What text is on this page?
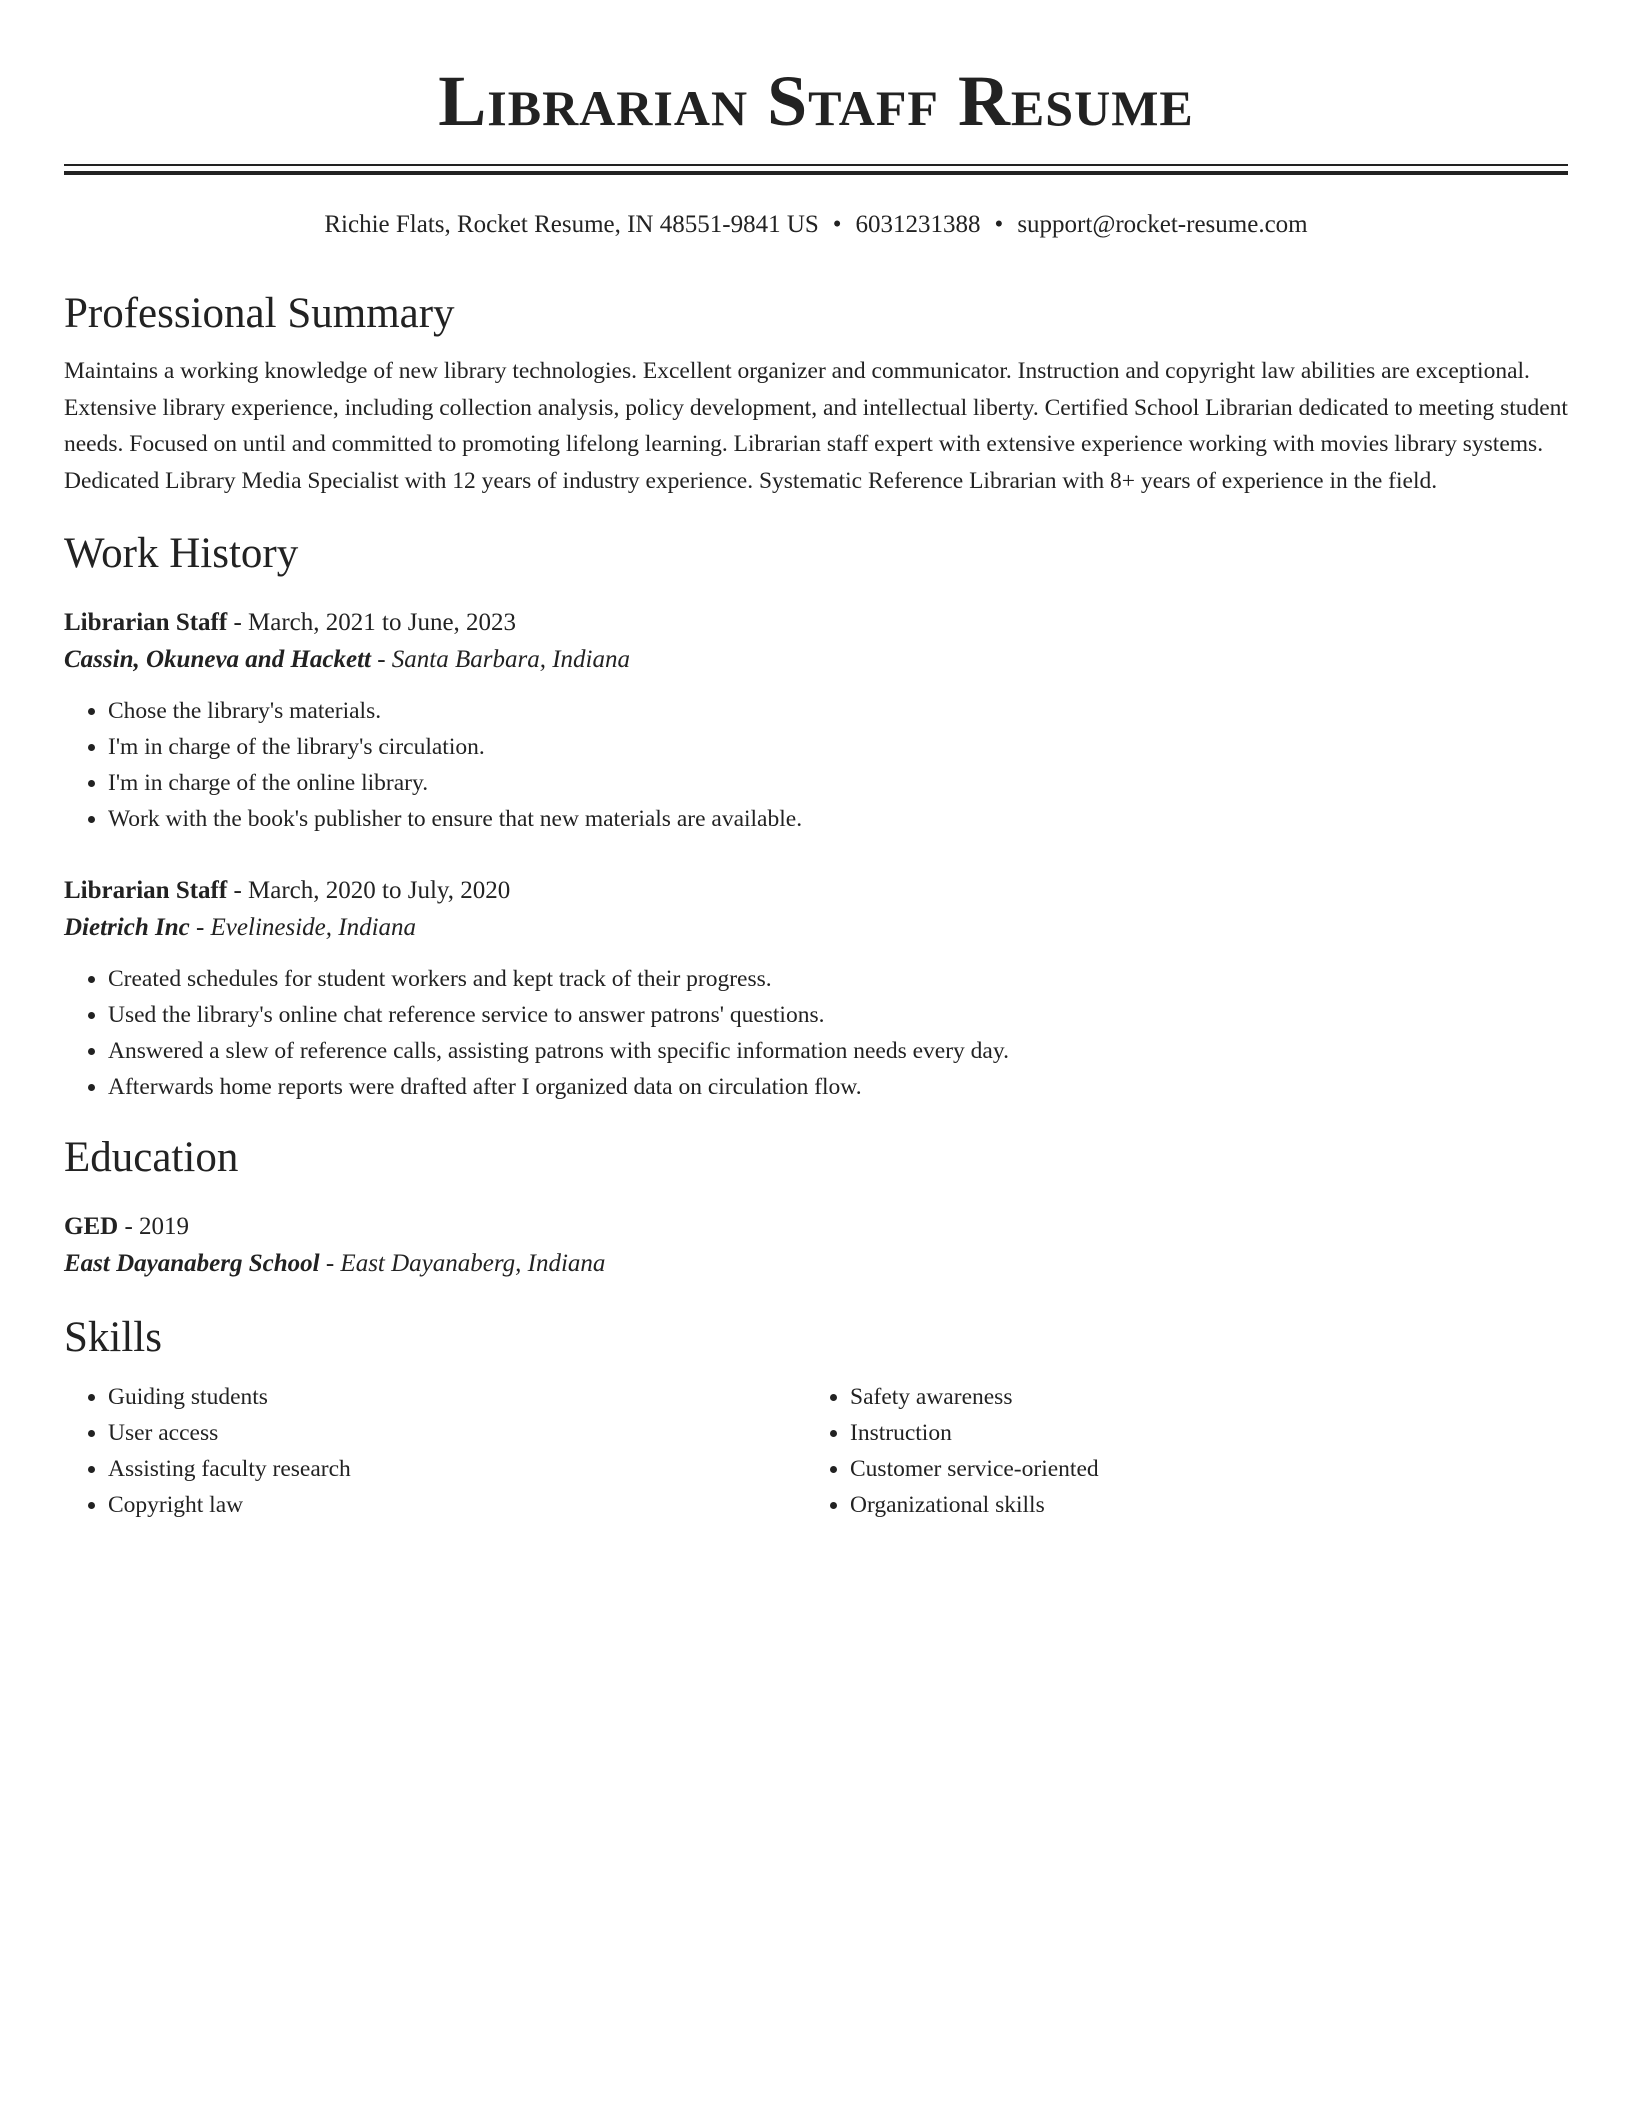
Librarian Staff Resume
Richie Flats, Rocket Resume, IN 48551-9841 US • 6031231388 • support@rocket-resume.com
Professional Summary

Maintains a working knowledge of new library technologies. Excellent organizer and communicator. Instruction and copyright law abilities are exceptional. Extensive library experience, including collection analysis, policy development, and intellectual liberty. Certified School Librarian dedicated to meeting student needs. Focused on until and committed to promoting lifelong learning. Librarian staff expert with extensive experience working with movies library systems. Dedicated Library Media Specialist with 12 years of industry experience. Systematic Reference Librarian with 8+ years of experience in the field.

Work History
Librarian Staff - March, 2021 to June, 2023
Cassin, Okuneva and Hackett - Santa Barbara, Indiana
• Chose the library's materials.
• I'm in charge of the library's circulation.
• I'm in charge of the online library.
• Work with the book's publisher to ensure that new materials are available.
Librarian Staff - March, 2020 to July, 2020
Dietrich Inc - Evelineside, Indiana
• Created schedules for student workers and kept track of their progress.
• Used the library's online chat reference service to answer patrons' questions.
• Answered a slew of reference calls, assisting patrons with specific information needs every day.
• Afterwards home reports were drafted after I organized data on circulation flow.
Education
GED - 2019
East Dayanaberg School - East Dayanaberg, Indiana
Skills
• Guiding students
• User access
• Assisting faculty research
• Copyright law
• Safety awareness
• Instruction
• Customer service-oriented
• Organizational skills
